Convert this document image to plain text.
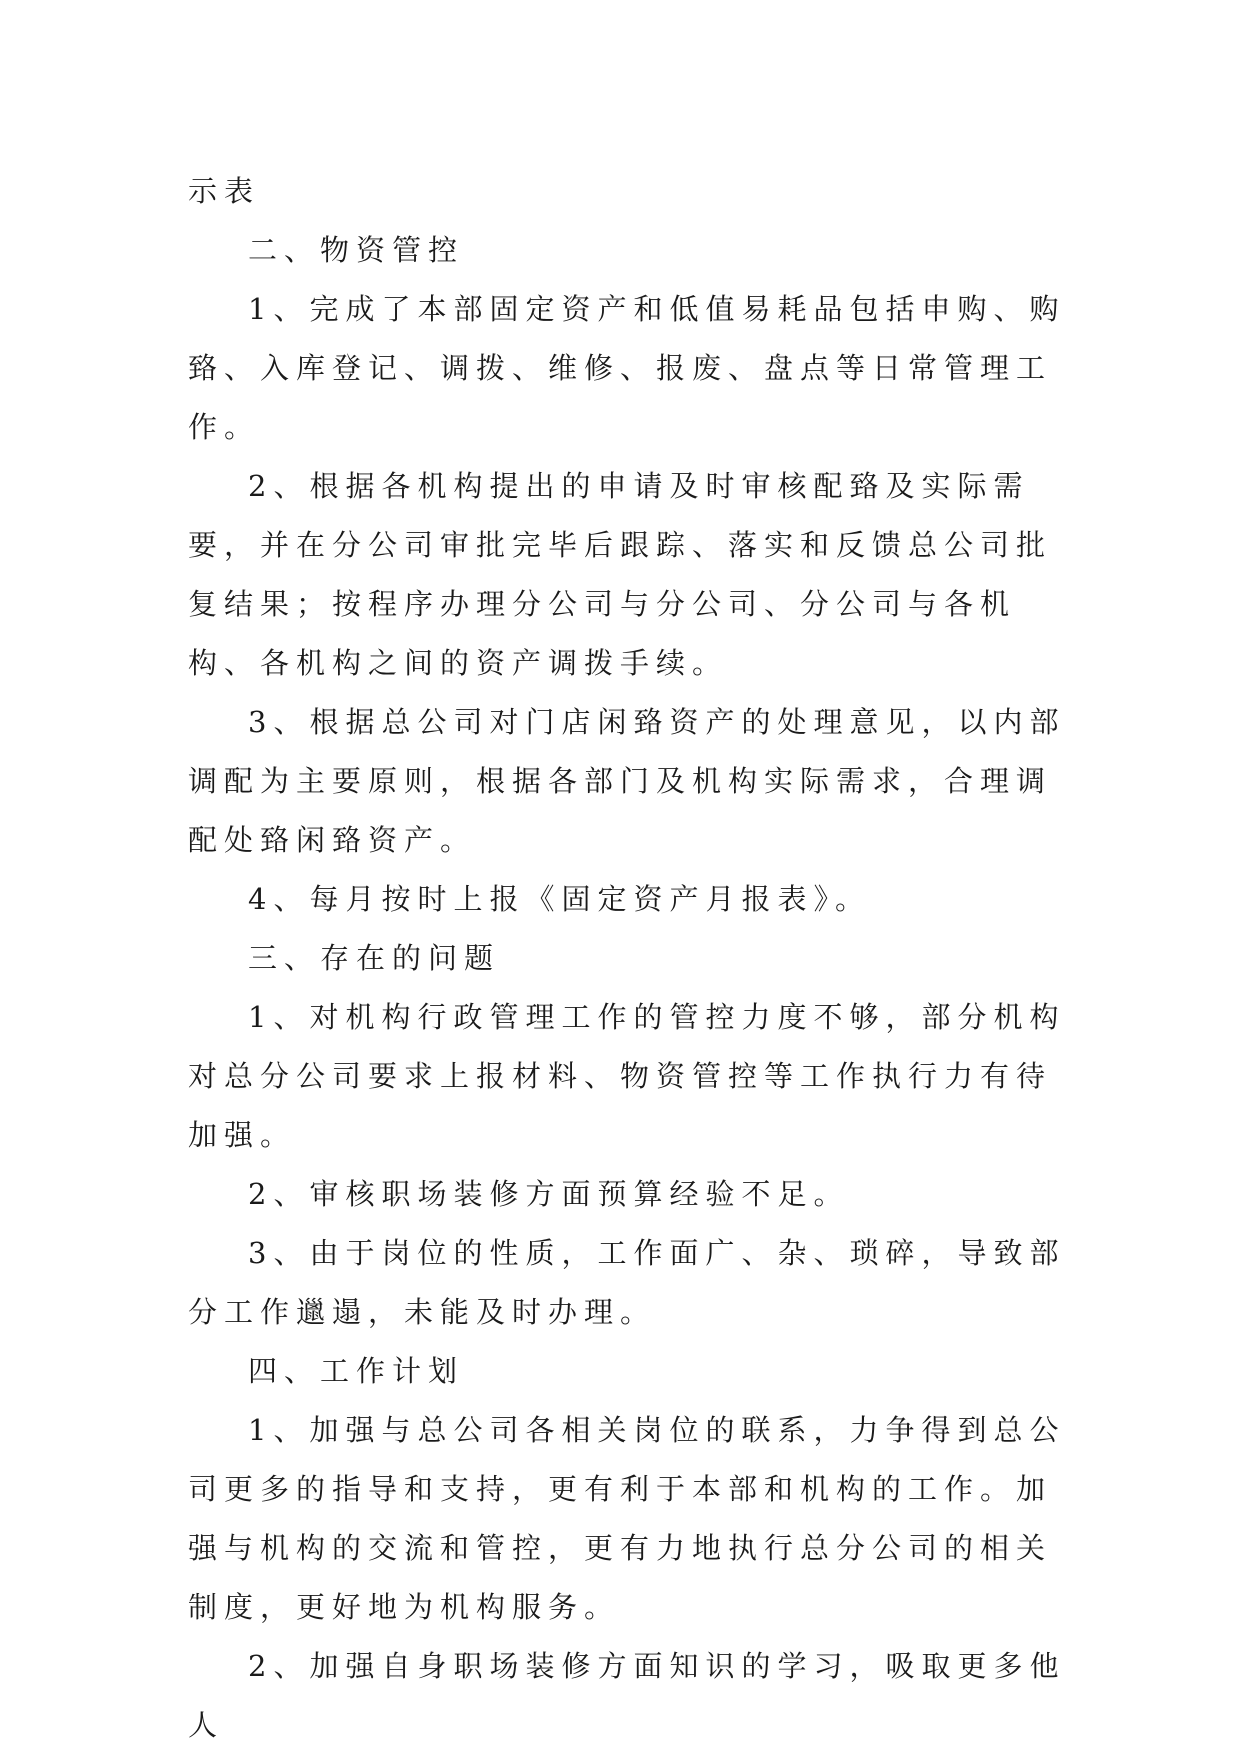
示表

二、物资管控

1、完成了本部固定资产和低值易耗品包括申购、购臵、入库登记、调拨、维修、报废、盘点等日常管理工作。

2、根据各机构提出的申请及时审核配臵及实际需要，并在分公司审批完毕后跟踪、落实和反馈总公司批复结果；按程序办理分公司与分公司、分公司与各机构、各机构之间的资产调拨手续。

3、根据总公司对门店闲臵资产的处理意见，以内部调配为主要原则，根据各部门及机构实际需求，合理调配处臵闲臵资产。

4、每月按时上报《固定资产月报表》。

三、存在的问题

1、对机构行政管理工作的管控力度不够，部分机构对总分公司要求上报材料、物资管控等工作执行力有待加强。

2、审核职场装修方面预算经验不足。

3、由于岗位的性质，工作面广、杂、琐碎，导致部分工作邋遢，未能及时办理。

四、工作计划

1、加强与总公司各相关岗位的联系，力争得到总公司更多的指导和支持，更有利于本部和机构的工作。加强与机构的交流和管控，更有力地执行总分公司的相关制度，更好地为机构服务。

2、加强自身职场装修方面知识的学习，吸取更多他人
